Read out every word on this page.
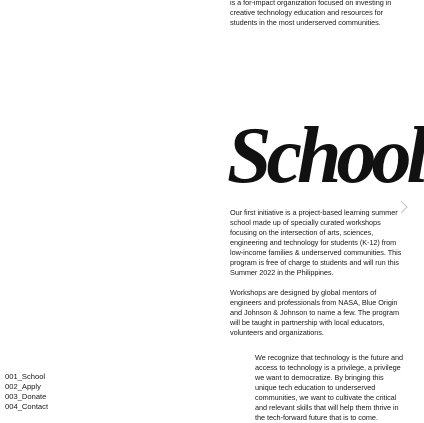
is a for-impact organization focused on investing in creative technology education and resources for students in the most underserved communities.

School

Our first initiative is a project-based learning summer school made up of specially curated workshops focusing on the intersection of arts, sciences, engineering and technology for students (K-12) from low-income families & underserved communities. This program is free of charge to students and will run this Summer 2022 in the Philippines.

Workshops are designed by global mentors of engineers and professionals from NASA, Blue Origin and Johnson & Johnson to name a few. The program will be taught in partnership with local educators, volunteers and organizations.

We recognize that technology is the future and access to technology is a privilege, a privilege we want to democratize. By bringing this unique tech education to underserved communities, we want to cultivate the critical and relevant skills that will help them thrive in the tech-forward future that is to come.

001_School
002_Apply
003_Donate
004_Contact
